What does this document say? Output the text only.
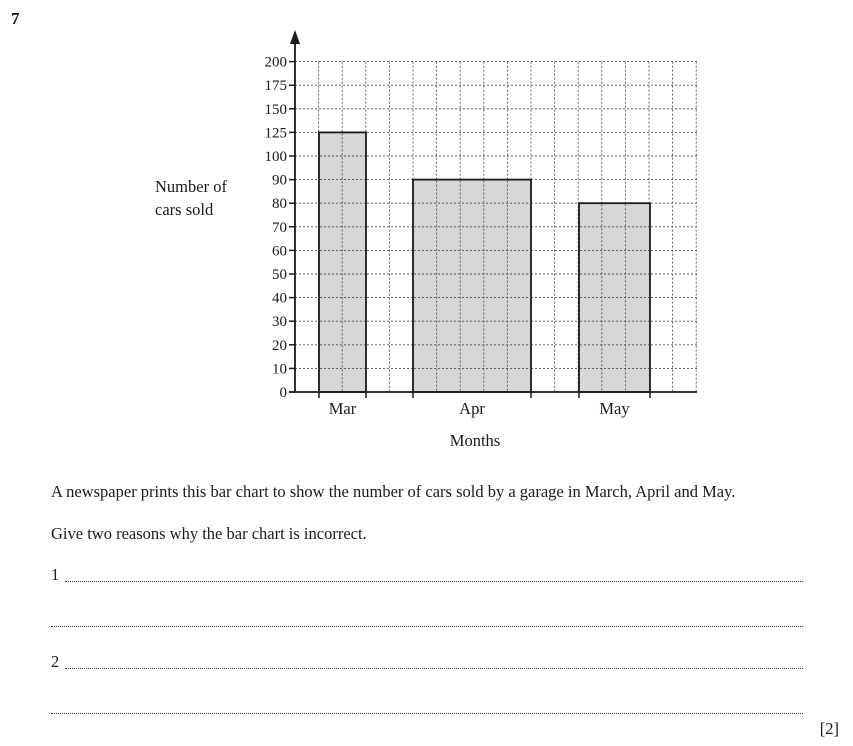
7
0
10
20
30
40
50
60
70
80
90
100
125
150
175
200
Mar	Apr	May
Months
Number of
cars sold
A newspaper prints this bar chart to show the number of cars sold by a garage in March, April and May.
Give two reasons why the bar chart is incorrect.
1
2
[2]
